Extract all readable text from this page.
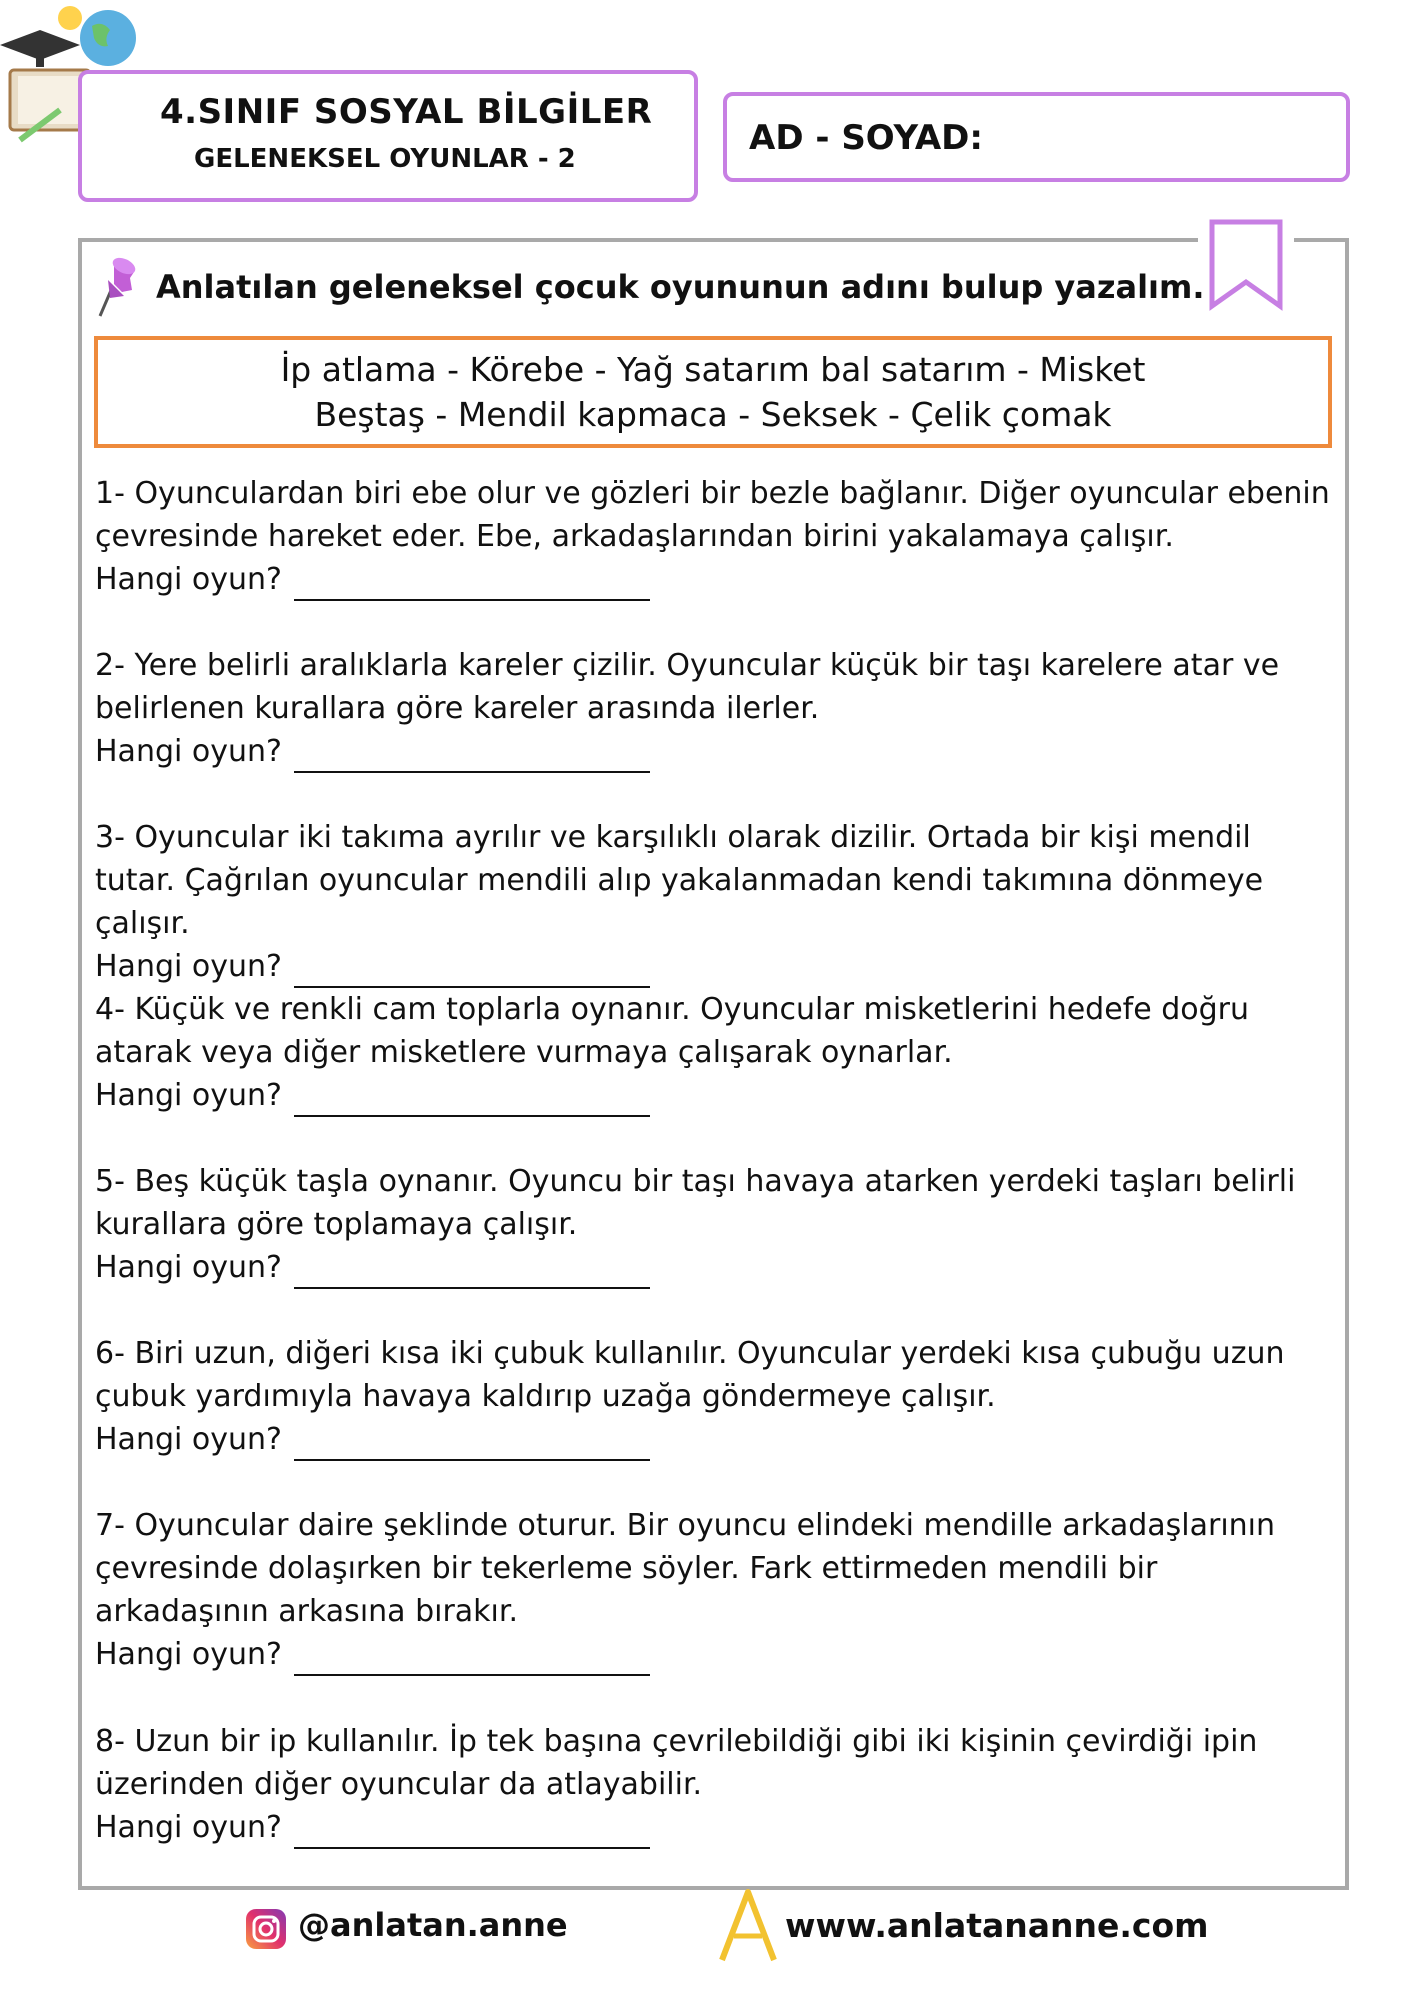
4.SINIF SOSYAL BİLGİLER
GELENEKSEL OYUNLAR - 2
AD - SOYAD:
Anlatılan geleneksel çocuk oyununun adını bulup yazalım.
İp atlama - Körebe - Yağ satarım bal satarım - Misket
Beştaş - Mendil kapmaca - Seksek - Çelik çomak
1- Oyunculardan biri ebe olur ve gözleri bir bezle bağlanır. Diğer oyuncular ebenin çevresinde hareket eder. Ebe, arkadaşlarından birini yakalamaya çalışır.
Hangi oyun?
2- Yere belirli aralıklarla kareler çizilir. Oyuncular küçük bir taşı karelere atar ve belirlenen kurallara göre kareler arasında ilerler.
Hangi oyun?
3- Oyuncular iki takıma ayrılır ve karşılıklı olarak dizilir. Ortada bir kişi mendil tutar. Çağrılan oyuncular mendili alıp yakalanmadan kendi takımına dönmeye çalışır.
Hangi oyun?
4- Küçük ve renkli cam toplarla oynanır. Oyuncular misketlerini hedefe doğru atarak veya diğer misketlere vurmaya çalışarak oynarlar.
Hangi oyun?
5- Beş küçük taşla oynanır. Oyuncu bir taşı havaya atarken yerdeki taşları belirli kurallara göre toplamaya çalışır.
Hangi oyun?
6- Biri uzun, diğeri kısa iki çubuk kullanılır. Oyuncular yerdeki kısa çubuğu uzun çubuk yardımıyla havaya kaldırıp uzağa göndermeye çalışır.
Hangi oyun?
7- Oyuncular daire şeklinde oturur. Bir oyuncu elindeki mendille arkadaşlarının çevresinde dolaşırken bir tekerleme söyler. Fark ettirmeden mendili bir arkadaşının arkasına bırakır.
Hangi oyun?
8- Uzun bir ip kullanılır. İp tek başına çevrilebildiği gibi iki kişinin çevirdiği ipin üzerinden diğer oyuncular da atlayabilir.
Hangi oyun?
@anlatan.anne	www.anlatananne.com
